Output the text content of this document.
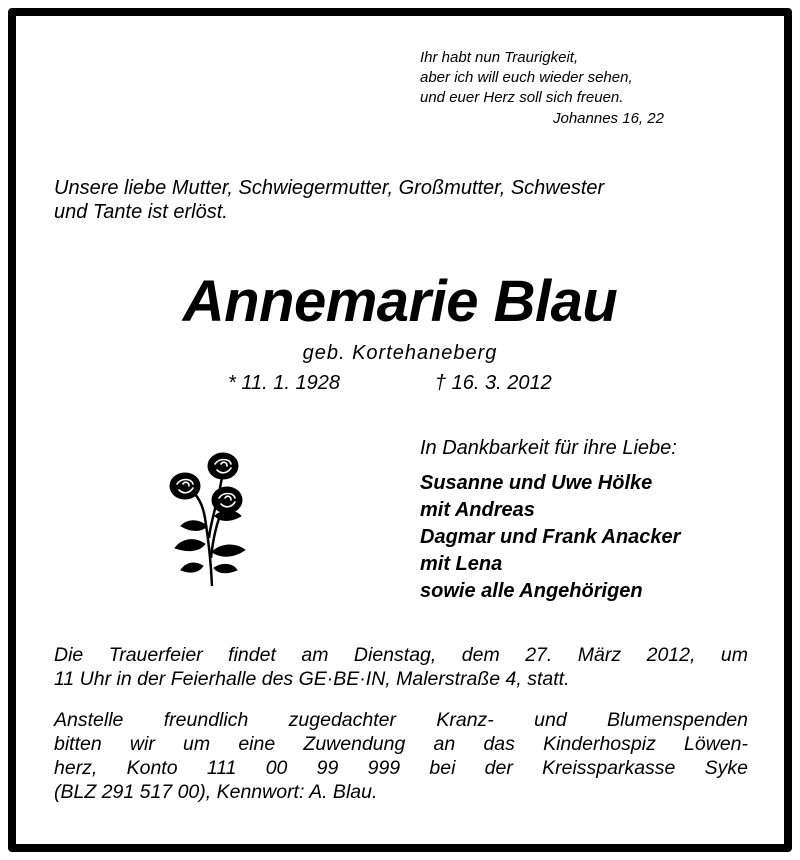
Ihr habt nun Traurigkeit,
aber ich will euch wieder sehen,
und euer Herz soll sich freuen.
Johannes 16, 22
Unsere liebe Mutter, Schwiegermutter, Großmutter, Schwester
und Tante ist erlöst.
Annemarie Blau
geb. Kortehaneberg
* 11. 1. 1928	† 16. 3. 2012
In Dankbarkeit für ihre Liebe:
Susanne und Uwe Hölke
mit Andreas
Dagmar und Frank Anacker
mit Lena
sowie alle Angehörigen
Die Trauerfeier findet am Dienstag, dem 27. März 2012, um
11 Uhr in der Feierhalle des GE·BE·IN, Malerstraße 4, statt.
Anstelle freundlich zugedachter Kranz- und Blumenspenden
bitten wir um eine Zuwendung an das Kinderhospiz Löwen-
herz, Konto 111 00 99 999 bei der Kreissparkasse Syke
(BLZ 291 517 00), Kennwort: A. Blau.
